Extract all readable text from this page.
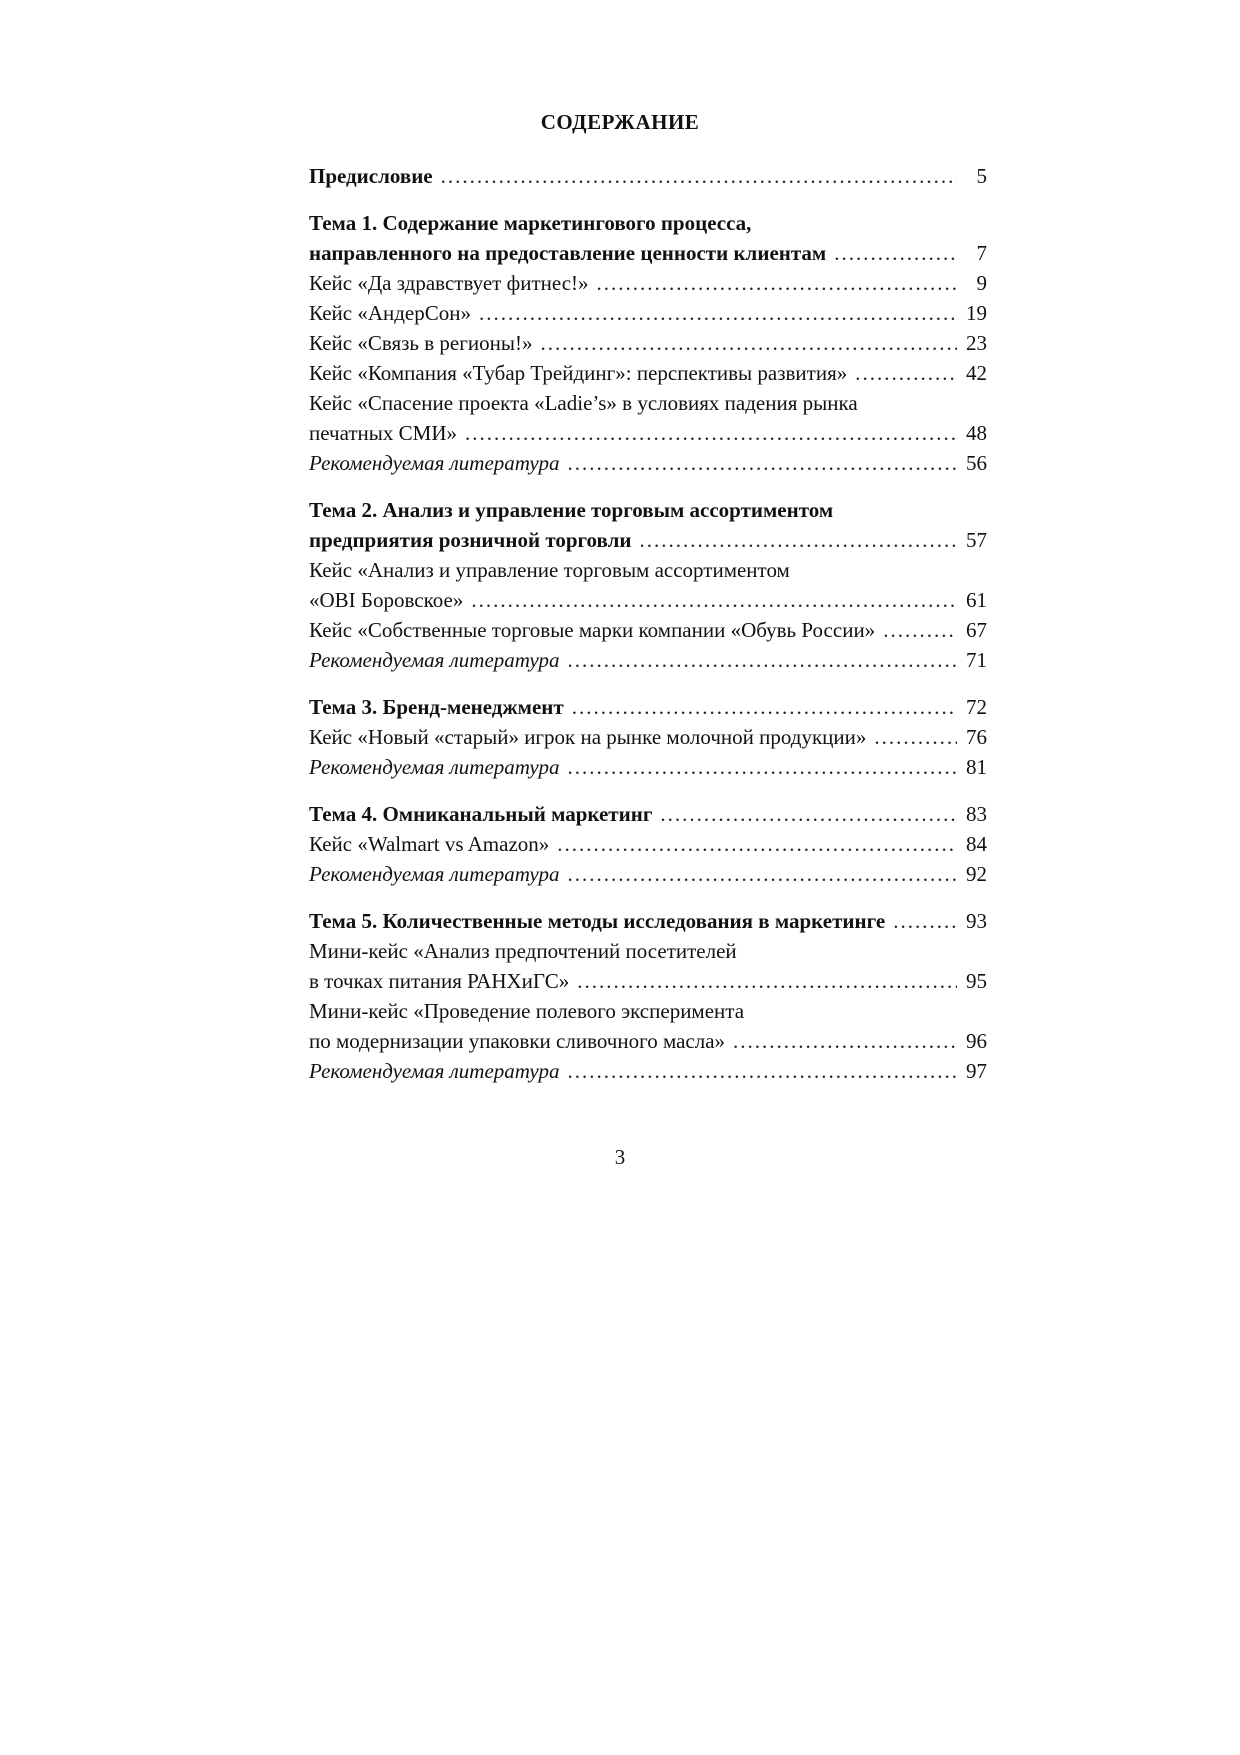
СОДЕРЖАНИЕ
Предисловие .....	5
Тема 1. Содержание маркетингового процесса,
направленного на предоставление ценности клиентам .....	7
Кейс «Да здравствует фитнес!» .....	9
Кейс «АндерСон» .....	19
Кейс «Связь в регионы!» .....	23
Кейс «Компания «Тубар Трейдинг»: перспективы развития» .....	42
Кейс «Спасение проекта «Ladie’s» в условиях падения рынка
печатных СМИ» .....	48
Рекомендуемая литература .....	56
Тема 2. Анализ и управление торговым ассортиментом
предприятия розничной торговли .....	57
Кейс «Анализ и управление торговым ассортиментом
«OBI Боровское» .....	61
Кейс «Собственные торговые марки компании «Обувь России» .....	67
Рекомендуемая литература .....	71
Тема 3. Бренд-менеджмент .....	72
Кейс «Новый «старый» игрок на рынке молочной продукции» .....	76
Рекомендуемая литература .....	81
Тема 4. Омниканальный маркетинг .....	83
Кейс «Walmart vs Amazon» .....	84
Рекомендуемая литература .....	92
Тема 5. Количественные методы исследования в маркетинге .....	93
Мини-кейс «Анализ предпочтений посетителей
в точках питания РАНХиГС» .....	95
Мини-кейс «Проведение полевого эксперимента
по модернизации упаковки сливочного масла» .....	96
Рекомендуемая литература .....	97
3
